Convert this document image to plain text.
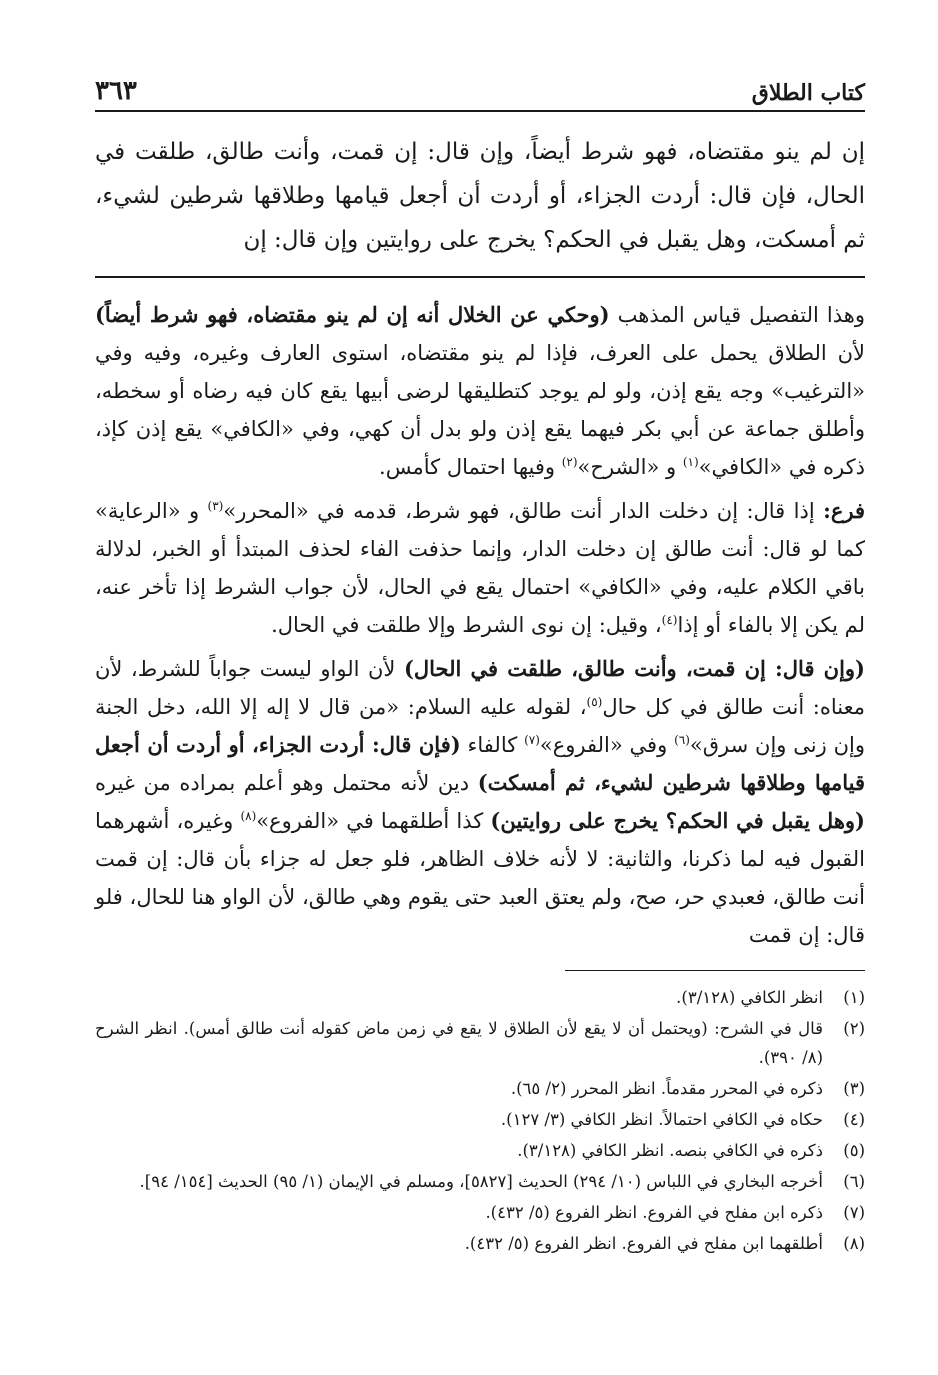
كتاب الطلاق
٣٦٣

إن لم ينو مقتضاه، فهو شرط أيضاً، وإن قال: إن قمت، وأنت طالق، طلقت في الحال، فإن قال: أردت الجزاء، أو أردت أن أجعل قيامها وطلاقها شرطين لشيء، ثم أمسكت، وهل يقبل في الحكم؟ يخرج على روايتين وإن قال: إن

وهذا التفصيل قياس المذهب (وحكي عن الخلال أنه إن لم ينو مقتضاه، فهو شرط أيضاً) لأن الطلاق يحمل على العرف، فإذا لم ينو مقتضاه، استوى العارف وغيره، وفيه وفي «الترغيب» وجه يقع إذن، ولو لم يوجد كتطليقها لرضى أبيها يقع كان فيه رضاه أو سخطه، وأطلق جماعة عن أبي بكر فيهما يقع إذن ولو بدل أن كهي، وفي «الكافي» يقع إذن كإذ، ذكره في «الكافي»$^{(١)}$ و «الشرح»$^{(٢)}$ وفيها احتمال كأمس.

فرع: إذا قال: إن دخلت الدار أنت طالق، فهو شرط، قدمه في «المحرر»$^{(٣)}$ و «الرعاية» كما لو قال: أنت طالق إن دخلت الدار، وإنما حذفت الفاء لحذف المبتدأ أو الخبر، لدلالة باقي الكلام عليه، وفي «الكافي» احتمال يقع في الحال، لأن جواب الشرط إذا تأخر عنه، لم يكن إلا بالفاء أو إذا$^{(٤)}$، وقيل: إن نوى الشرط وإلا طلقت في الحال.

(وإن قال: إن قمت، وأنت طالق، طلقت في الحال) لأن الواو ليست جواباً للشرط، لأن معناه: أنت طالق في كل حال$^{(٥)}$، لقوله عليه السلام: «من قال لا إله إلا الله، دخل الجنة وإن زنى وإن سرق»$^{(٦)}$ وفي «الفروع»$^{(٧)}$ كالفاء (فإن قال: أردت الجزاء، أو أردت أن أجعل قيامها وطلاقها شرطين لشيء، ثم أمسكت) دين لأنه محتمل وهو أعلم بمراده من غيره (وهل يقبل في الحكم؟ يخرج على روايتين) كذا أطلقهما في «الفروع»$^{(٨)}$ وغيره، أشهرهما القبول فيه لما ذكرنا، والثانية: لا لأنه خلاف الظاهر، فلو جعل له جزاء بأن قال: إن قمت أنت طالق، فعبدي حر، صح، ولم يعتق العبد حتى يقوم وهي طالق، لأن الواو هنا للحال، فلو قال: إن قمت

(١)
انظر الكافي (٣/١٢٨).
(٢)
قال في الشرح: (ويحتمل أن لا يقع لأن الطلاق لا يقع في زمن ماض كقوله أنت طالق أمس). انظر الشرح (٨/ ٣٩٠).
(٣)
ذكره في المحرر مقدماً. انظر المحرر (٢/ ٦٥).
(٤)
حكاه في الكافي احتمالاً. انظر الكافي (٣/ ١٢٧).
(٥)
ذكره في الكافي بنصه. انظر الكافي (٣/١٢٨).
(٦)
أخرجه البخاري في اللباس (١٠/ ٢٩٤) الحديث [٥٨٢٧]، ومسلم في الإيمان (١/ ٩٥) الحديث [١٥٤/ ٩٤].
(٧)
ذكره ابن مفلح في الفروع. انظر الفروع (٥/ ٤٣٢).
(٨)
أطلقهما ابن مفلح في الفروع. انظر الفروع (٥/ ٤٣٢).
